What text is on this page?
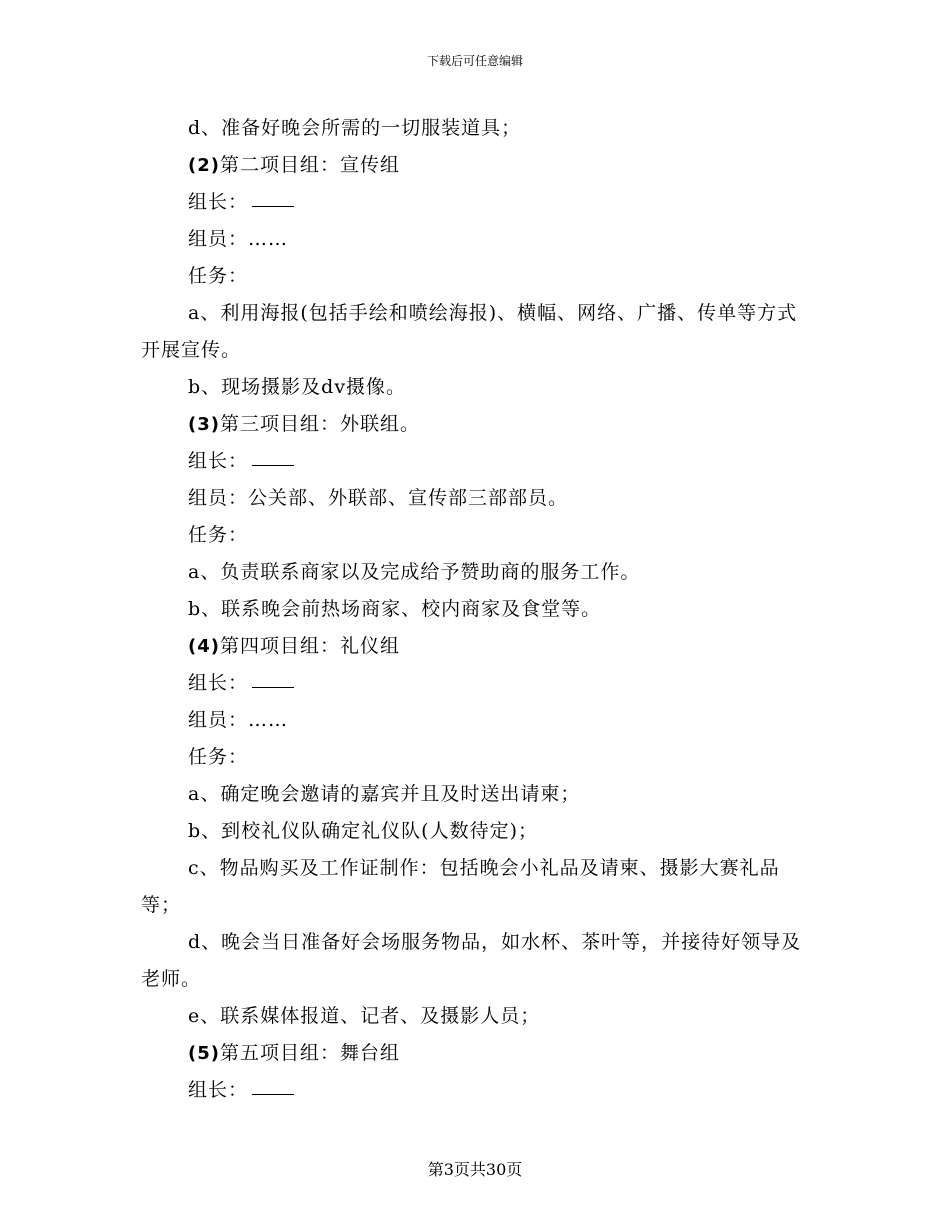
下载后可任意编辑

d、准备好晚会所需的一切服装道具；

(2)第二项目组：宣传组

组长：

组员：……

任务：

a、利用海报(包括手绘和喷绘海报)、横幅、网络、广播、传单等方式开展宣传。

b、现场摄影及dv摄像。

(3)第三项目组：外联组。

组长：

组员：公关部、外联部、宣传部三部部员。

任务：

a、负责联系商家以及完成给予赞助商的服务工作。

b、联系晚会前热场商家、校内商家及食堂等。

(4)第四项目组：礼仪组

组长：

组员：……

任务：

a、确定晚会邀请的嘉宾并且及时送出请柬；

b、到校礼仪队确定礼仪队(人数待定)；

c、物品购买及工作证制作：包括晚会小礼品及请柬、摄影大赛礼品等；

d、晚会当日准备好会场服务物品，如水杯、茶叶等，并接待好领导及老师。

e、联系媒体报道、记者、及摄影人员；

(5)第五项目组：舞台组

组长：

第3页共30页
